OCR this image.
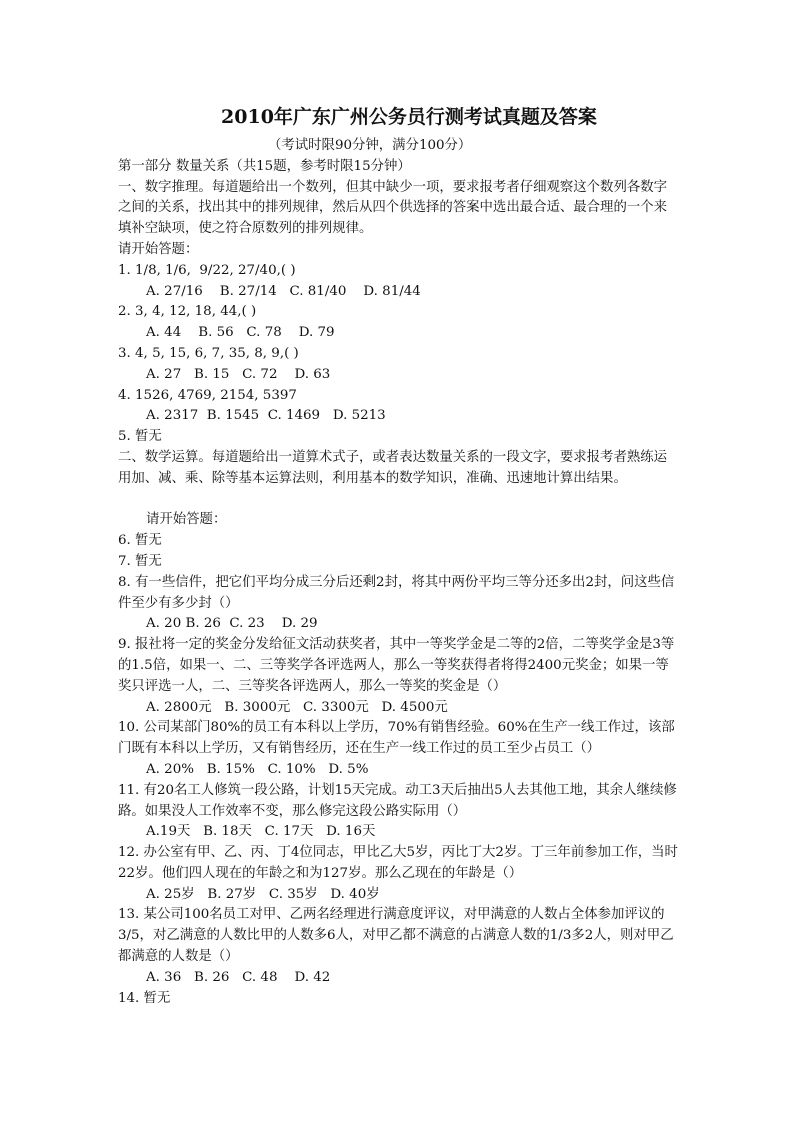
2010年广东广州公务员行测考试真题及答案
（考试时限90分钟，满分100分）
第一部分 数量关系（共15题，参考时限15分钟）
一、数字推理。每道题给出一个数列，但其中缺少一项，要求报考者仔细观察这个数列各数字之间的关系，找出其中的排列规律，然后从四个供选择的答案中选出最合适、最合理的一个来填补空缺项，使之符合原数列的排列规律。
请开始答题：
1. 1/8, 1/6,  9/22, 27/40,( )
A. 27/16    B. 27/14   C. 81/40    D. 81/44
2. 3, 4, 12, 18, 44,( )
A. 44    B. 56   C. 78    D. 79
3. 4, 5, 15, 6, 7, 35, 8, 9,( )
A. 27   B. 15   C. 72    D. 63
4. 1526, 4769, 2154, 5397
A. 2317  B. 1545  C. 1469   D. 5213
5. 暂无
二、数学运算。每道题给出一道算术式子，或者表达数量关系的一段文字，要求报考者熟练运用加、减、乘、除等基本运算法则，利用基本的数学知识，准确、迅速地计算出结果。
请开始答题：
6. 暂无
7. 暂无
8. 有一些信件，把它们平均分成三分后还剩2封，将其中两份平均三等分还多出2封，问这些信件至少有多少封（）
A. 20 B. 26  C. 23    D. 29
9. 报社将一定的奖金分发给征文活动获奖者，其中一等奖学金是二等的2倍，二等奖学金是3等的1.5倍，如果一、二、三等奖学各评选两人，那么一等奖获得者将得2400元奖金；如果一等奖只评选一人，二、三等奖各评选两人，那么一等奖的奖金是（）
A. 2800元   B. 3000元   C. 3300元   D. 4500元
10. 公司某部门80%的员工有本科以上学历，70%有销售经验。60%在生产一线工作过，该部门既有本科以上学历，又有销售经历，还在生产一线工作过的员工至少占员工（）
A. 20%   B. 15%   C. 10%   D. 5%
11. 有20名工人修筑一段公路，计划15天完成。动工3天后抽出5人去其他工地，其余人继续修路。如果没人工作效率不变，那么修完这段公路实际用（）
A.19天   B. 18天   C. 17天   D. 16天
12. 办公室有甲、乙、丙、丁4位同志，甲比乙大5岁，丙比丁大2岁。丁三年前参加工作，当时22岁。他们四人现在的年龄之和为127岁。那么乙现在的年龄是（）
A. 25岁   B. 27岁   C. 35岁   D. 40岁
13. 某公司100名员工对甲、乙两名经理进行满意度评议，对甲满意的人数占全体参加评议的3/5，对乙满意的人数比甲的人数多6人，对甲乙都不满意的占满意人数的1/3多2人，则对甲乙都满意的人数是（）
A. 36   B. 26   C. 48    D. 42
14. 暂无
